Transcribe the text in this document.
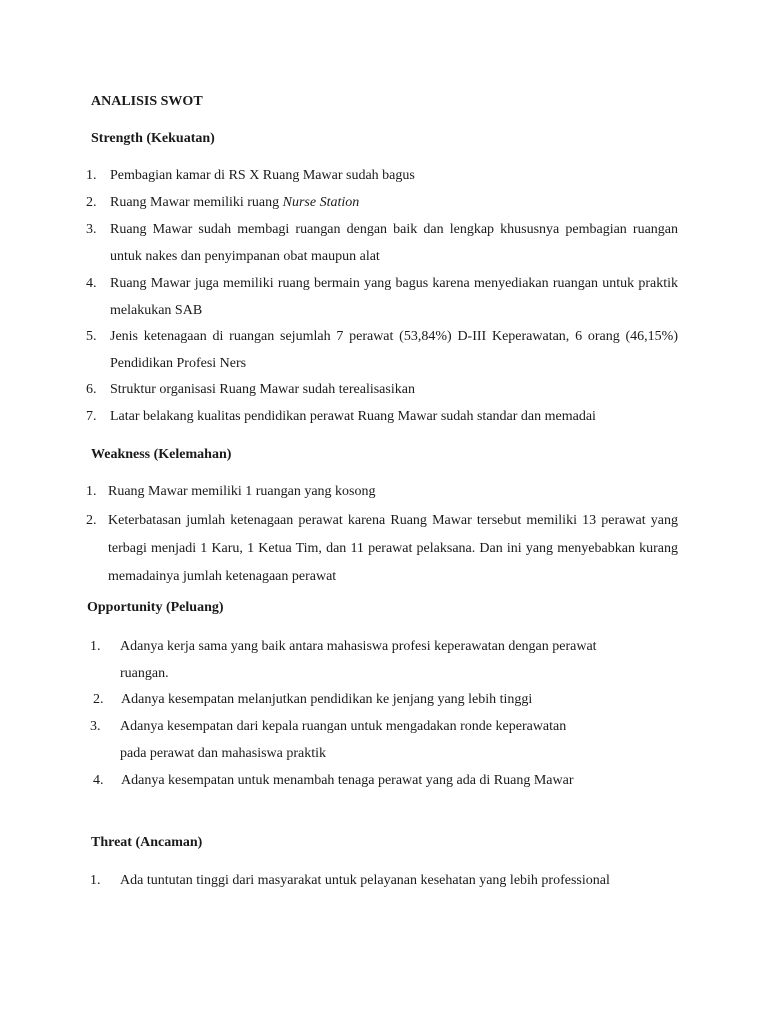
ANALISIS SWOT
Strength (Kekuatan)
1. Pembagian kamar di RS X Ruang Mawar sudah bagus
2. Ruang Mawar memiliki ruang Nurse Station
3. Ruang Mawar sudah membagi ruangan dengan baik dan lengkap khususnya pembagian ruangan untuk nakes dan penyimpanan obat maupun alat
4. Ruang Mawar juga memiliki ruang bermain yang bagus karena menyediakan ruangan untuk praktik melakukan SAB
5. Jenis ketenagaan di ruangan sejumlah 7 perawat (53,84%) D-III Keperawatan, 6 orang (46,15%) Pendidikan Profesi Ners
6. Struktur organisasi Ruang Mawar sudah terealisasikan
7. Latar belakang kualitas pendidikan perawat Ruang Mawar sudah standar dan memadai
Weakness (Kelemahan)
1. Ruang Mawar memiliki 1 ruangan yang kosong
2. Keterbatasan jumlah ketenagaan perawat karena Ruang Mawar tersebut memiliki 13 perawat yang terbagi menjadi 1 Karu, 1 Ketua Tim, dan 11 perawat pelaksana. Dan ini yang menyebabkan kurang memadainya jumlah ketenagaan perawat
Opportunity (Peluang)
1. Adanya kerja sama yang baik antara mahasiswa profesi keperawatan dengan perawat
ruangan.
2. Adanya kesempatan melanjutkan pendidikan ke jenjang yang lebih tinggi
3. Adanya kesempatan dari kepala ruangan untuk mengadakan ronde keperawatan
pada perawat dan mahasiswa praktik
4. Adanya kesempatan untuk menambah tenaga perawat yang ada di Ruang Mawar
Threat (Ancaman)
1. Ada tuntutan tinggi dari masyarakat untuk pelayanan kesehatan yang lebih professional
